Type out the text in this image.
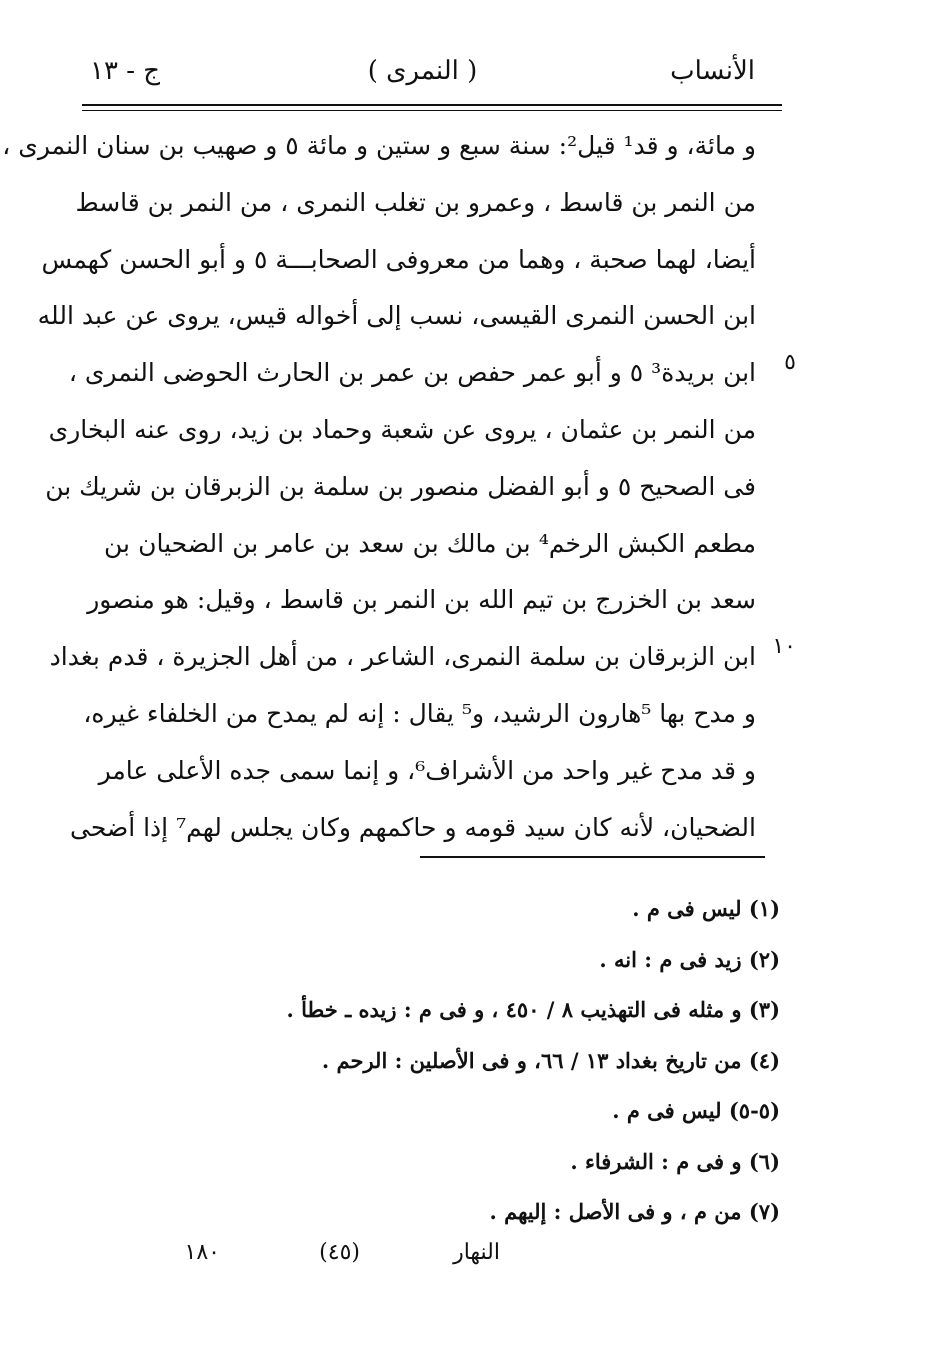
الأنساب
( النمرى )
ج - ١٣
و مائة، و قد¹ قيل²: سنة سبع و ستين و مائة ٥ و صهيب بن سنان النمرى ،
من النمر بن قاسط ، وعمرو بن تغلب النمرى ، من النمر بن قاسط
أيضا، لهما صحبة ، وهما من معروفى الصحابـــة ٥ و أبو الحسن كهمس
ابن الحسن النمرى القيسى، نسب إلى أخواله قيس، يروى عن عبد الله
ابن بريدة³ ٥ و أبو عمر حفص بن عمر بن الحارث الحوضى النمرى ،
من النمر بن عثمان ، يروى عن شعبة وحماد بن زيد، روى عنه البخارى
فى الصحيح ٥ و أبو الفضل منصور بن سلمة بن الزبرقان بن شريك بن
مطعم الكبش الرخم⁴ بن مالك بن سعد بن عامر بن الضحيان بن
سعد بن الخزرج بن تيم الله بن النمر بن قاسط ، وقيل: هو منصور
ابن الزبرقان بن سلمة النمرى، الشاعر ، من أهل الجزيرة ، قدم بغداد
و مدح بها ⁵هارون الرشيد، و⁵ يقال : إنه لم يمدح من الخلفاء غيره،
و قد مدح غير واحد من الأشراف⁶، و إنما سمى جده الأعلى عامر
الضحيان، لأنه كان سيد قومه و حاكمهم وكان يجلس لهم⁷ إذا أضحى
٥
١٠
(١) ليس فى م .
(٢) زيد فى م : انه .
(٣) و مثله فى التهذيب ٨ / ٤٥٠ ، و فى م : زيده ـ خطأ .
(٤) من تاريخ بغداد ١٣ / ٦٦، و فى الأصلين : الرحم .
(٥-٥) ليس فى م .
(٦) و فى م : الشرفاء .
(٧) من م ، و فى الأصل : إليهم .
النهار
(٤٥)
١٨٠
